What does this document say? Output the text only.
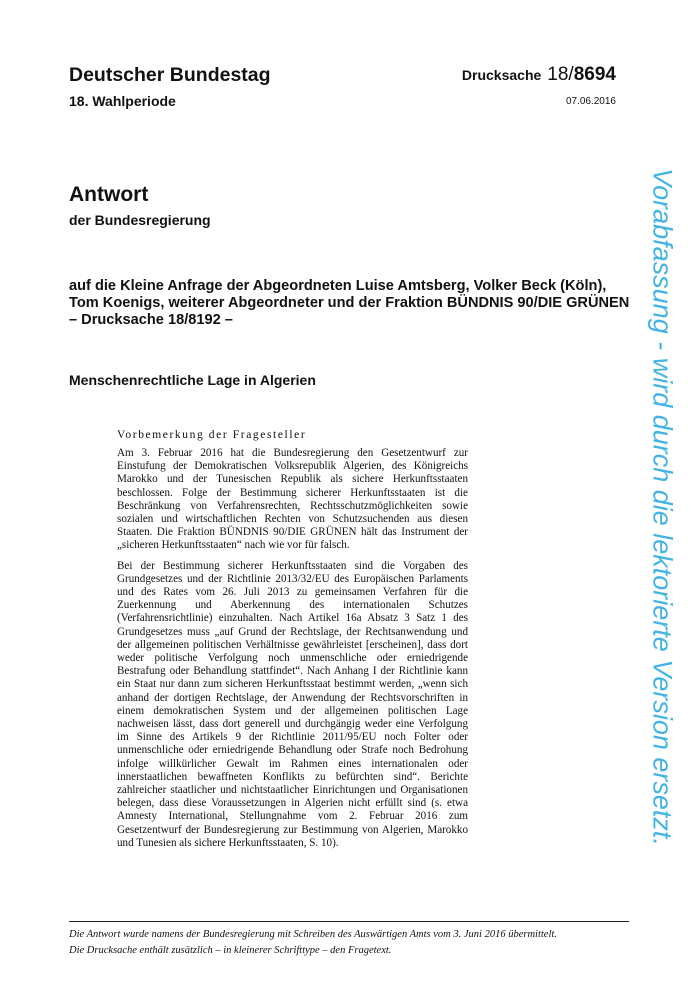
Deutscher Bundestag	Drucksache 18/8694
18. Wahlperiode	07.06.2016
Antwort
der Bundesregierung
auf die Kleine Anfrage der Abgeordneten Luise Amtsberg, Volker Beck (Köln),
Tom Koenigs, weiterer Abgeordneter und der Fraktion BÜNDNIS 90/DIE GRÜNEN
– Drucksache 18/8192 –
Menschenrechtliche Lage in Algerien
Vorbemerkung der Fragesteller

Am 3. Februar 2016 hat die Bundesregierung den Gesetzentwurf zur Einstufung der Demokratischen Volksrepublik Algerien, des Königreichs Marokko und der Tunesischen Republik als sichere Herkunftsstaaten beschlossen. Folge der Bestimmung sicherer Herkunftsstaaten ist die Beschränkung von Verfahrensrechten, Rechtsschutzmöglichkeiten sowie sozialen und wirtschaftlichen Rechten von Schutzsuchenden aus diesen Staaten. Die Fraktion BÜNDNIS 90/DIE GRÜNEN hält das Instrument der „sicheren Herkunftsstaaten“ nach wie vor für falsch.

Bei der Bestimmung sicherer Herkunftsstaaten sind die Vorgaben des Grundgesetzes und der Richtlinie 2013/32/EU des Europäischen Parlaments und des Rates vom 26. Juli 2013 zu gemeinsamen Verfahren für die Zuerkennung und Aberkennung des internationalen Schutzes (Verfahrensrichtlinie) einzuhalten. Nach Artikel 16a Absatz 3 Satz 1 des Grundgesetzes muss „auf Grund der Rechtslage, der Rechtsanwendung und der allgemeinen politischen Verhältnisse gewährleistet [erscheinen], dass dort weder politische Verfolgung noch unmenschliche oder erniedrigende Bestrafung oder Behandlung stattfindet“. Nach Anhang I der Richtlinie kann ein Staat nur dann zum sicheren Herkunftsstaat bestimmt werden, „wenn sich anhand der dortigen Rechtslage, der Anwendung der Rechtsvorschriften in einem demokratischen System und der allgemeinen politischen Lage nachweisen lässt, dass dort generell und durchgängig weder eine Verfolgung im Sinne des Artikels 9 der Richtlinie 2011/95/EU noch Folter oder unmenschliche oder erniedrigende Behandlung oder Strafe noch Bedrohung infolge willkürlicher Gewalt im Rahmen eines internationalen oder innerstaatlichen bewaffneten Konflikts zu befürchten sind“. Berichte zahlreicher staatlicher und nichtstaatlicher Einrichtungen und Organisationen belegen, dass diese Voraussetzungen in Algerien nicht erfüllt sind (s. etwa Amnesty International, Stellungnahme vom 2. Februar 2016 zum Gesetzentwurf der Bundesregierung zur Bestimmung von Algerien, Marokko und Tunesien als sichere Herkunftsstaaten, S. 10).	Vorabfassung - wird durch die lektorierte Version ersetzt.
Die Antwort wurde namens der Bundesregierung mit Schreiben des Auswärtigen Amts vom 3. Juni 2016 übermittelt.
Die Drucksache enthält zusätzlich – in kleinerer Schrifttype – den Fragetext.
